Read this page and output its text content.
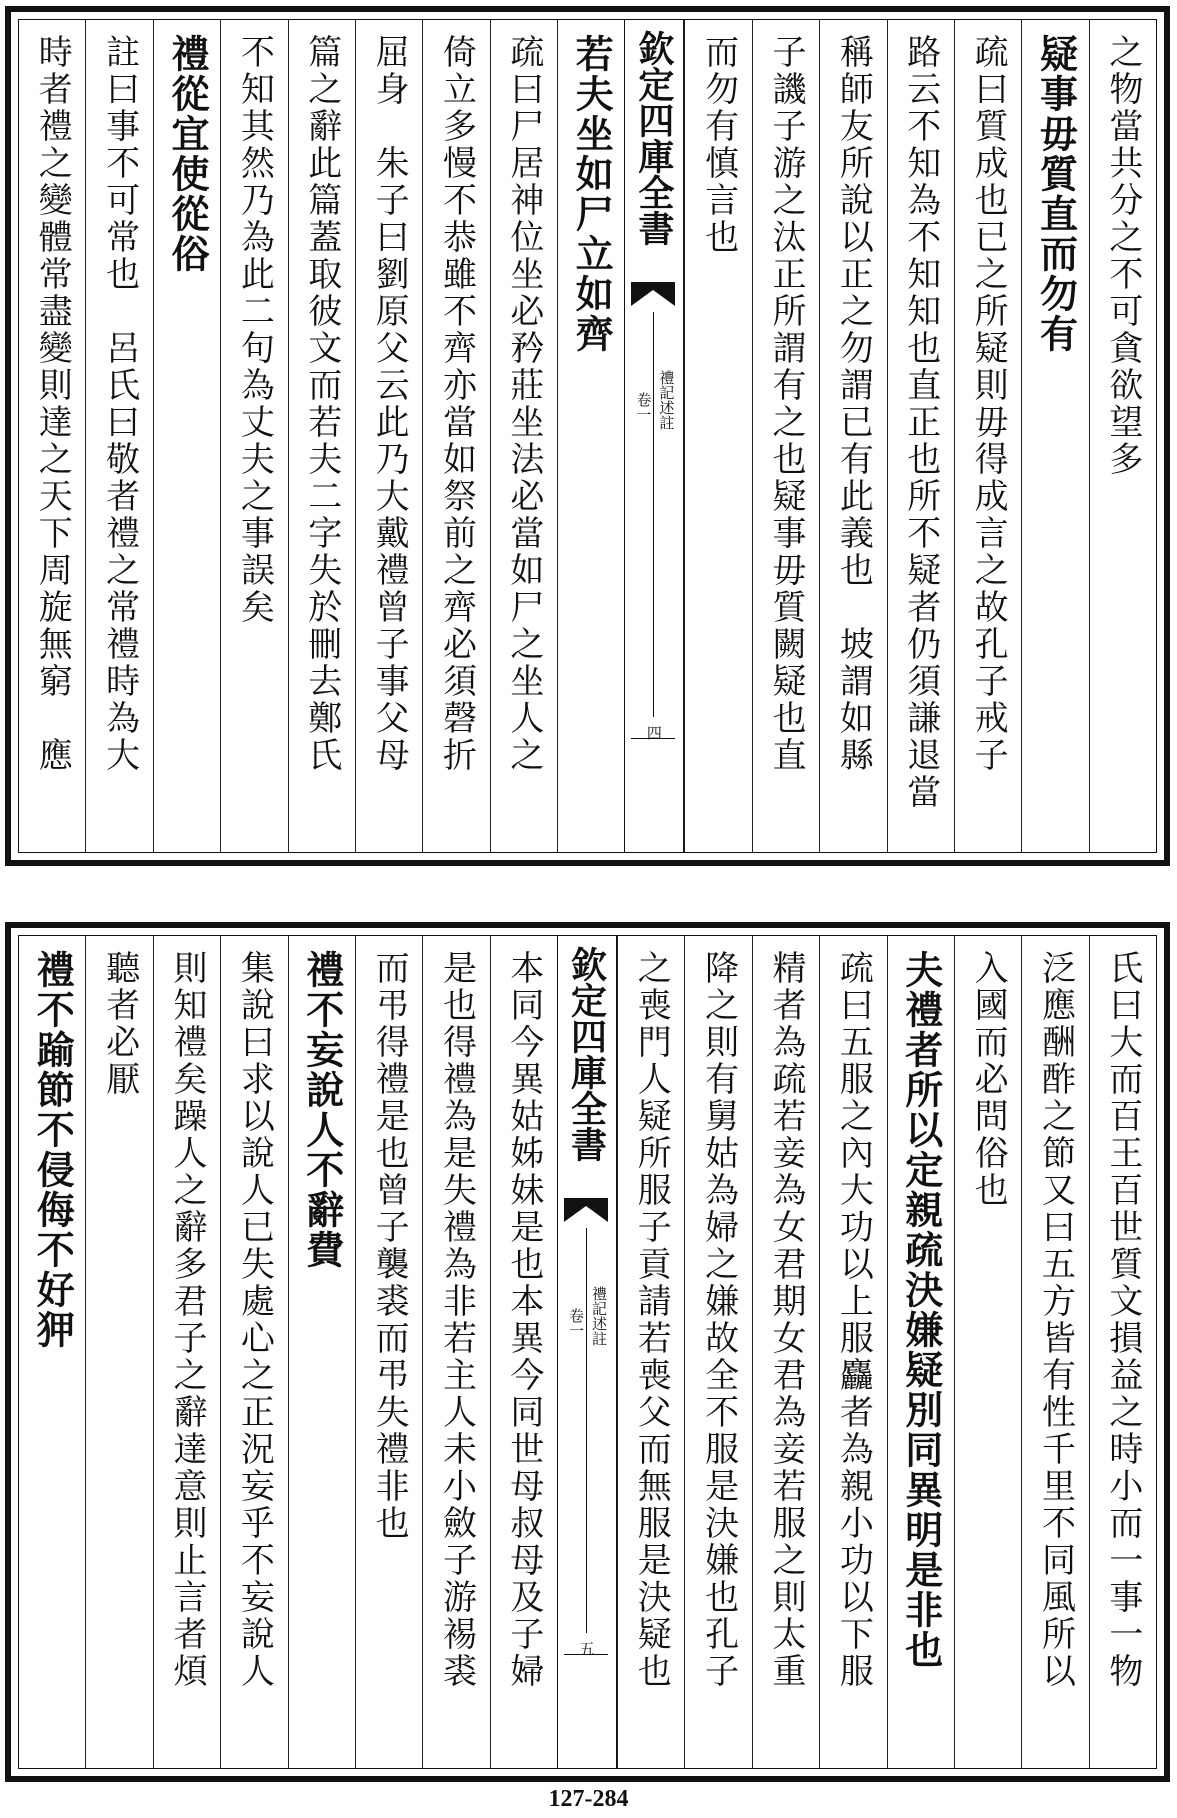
之物當共分之不可貪欲望多
疑事毋質直而勿有
疏曰質成也已之所疑則毋得成言之故孔子戒子
路云不知為不知知也直正也所不疑者仍須謙退當
稱師友所說以正之勿謂已有此義也　坡謂如縣
子譏子游之汰正所謂有之也疑事毋質闕疑也直
而勿有慎言也
欽定四庫全書
禮記述註
卷一
四
若夫坐如尸立如齊
疏曰尸居神位坐必矜莊坐法必當如尸之坐人之
倚立多慢不恭雖不齊亦當如祭前之齊必須磬折
屈身　朱子曰劉原父云此乃大戴禮曾子事父母
篇之辭此篇蓋取彼文而若夫二字失於刪去鄭氏
不知其然乃為此二句為丈夫之事誤矣
禮從宜使從俗
註曰事不可常也　呂氏曰敬者禮之常禮時為大
時者禮之變體常盡變則達之天下周旋無窮　應
氏曰大而百王百世質文損益之時小而一事一物
泛應酬酢之節又曰五方皆有性千里不同風所以
入國而必問俗也
夫禮者所以定親疏決嫌疑別同異明是非也
疏曰五服之內大功以上服麤者為親小功以下服
精者為疏若妾為女君期女君為妾若服之則太重
降之則有舅姑為婦之嫌故全不服是決嫌也孔子
之喪門人疑所服子貢請若喪父而無服是決疑也
欽定四庫全書
禮記述註
卷一
五
本同今異姑姊妹是也本異今同世母叔母及子婦
是也得禮為是失禮為非若主人未小斂子游裼裘
而弔得禮是也曾子襲裘而弔失禮非也
禮不妄說人不辭費
集說曰求以說人已失處心之正況妄乎不妄說人
則知禮矣躁人之辭多君子之辭達意則止言者煩
聽者必厭
禮不踰節不侵侮不好狎
127-284
